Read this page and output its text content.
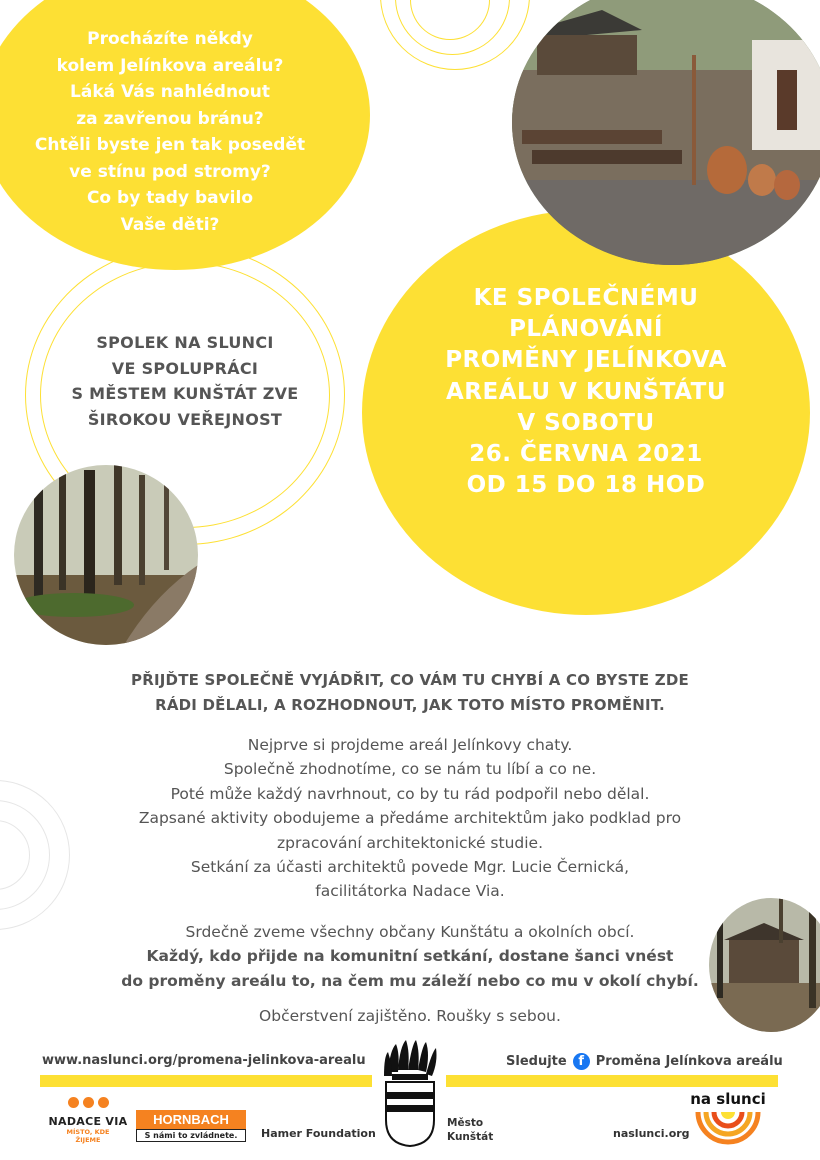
Procházíte někdy
kolem Jelínkova areálu?
Láká Vás nahlédnout
za zavřenou bránu?
Chtěli byste jen tak posedět
ve stínu pod stromy?
Co by tady bavilo
Vaše děti?
KE SPOLEČNÉMU
PLÁNOVÁNÍ
PROMĚNY JELÍNKOVA
AREÁLU V KUNŠTÁTU
V SOBOTU
26. ČERVNA 2021
OD 15 DO 18 HOD
SPOLEK NA SLUNCI
VE SPOLUPRÁCI
S MĚSTEM KUNŠTÁT ZVE
ŠIROKOU VEŘEJNOST
PŘIJĎTE SPOLEČNĚ VYJÁDŘIT, CO VÁM TU CHYBÍ A CO BYSTE ZDE
RÁDI DĚLALI, A ROZHODNOUT, JAK TOTO MÍSTO PROMĚNIT.
Nejprve si projdeme areál Jelínkovy chaty.
Společně zhodnotíme, co se nám tu líbí a co ne.
Poté může každý navrhnout, co by tu rád podpořil nebo dělal.
Zapsané aktivity obodujeme a předáme architektům jako podklad pro
zpracování architektonické studie.
Setkání za účasti architektů povede Mgr. Lucie Černická,
facilitátorka Nadace Via.
Srdečně zveme všechny občany Kunštátu a okolních obcí.
Každý, kdo přijde na komunitní setkání, dostane šanci vnést
do proměny areálu to, na čem mu záleží nebo co mu v okolí chybí.
Občerstvení zajištěno. Roušky s sebou.
www.naslunci.org/promena-jelinkova-arealu	Sledujte f Proměna Jelínkova areálu
NADACE VIA
MÍSTO, KDE
ŽIJEME
HORNBACH
S námi to zvládnete.	Hamer Foundation
Město
Kunštát	naslunci.org
na slunci
